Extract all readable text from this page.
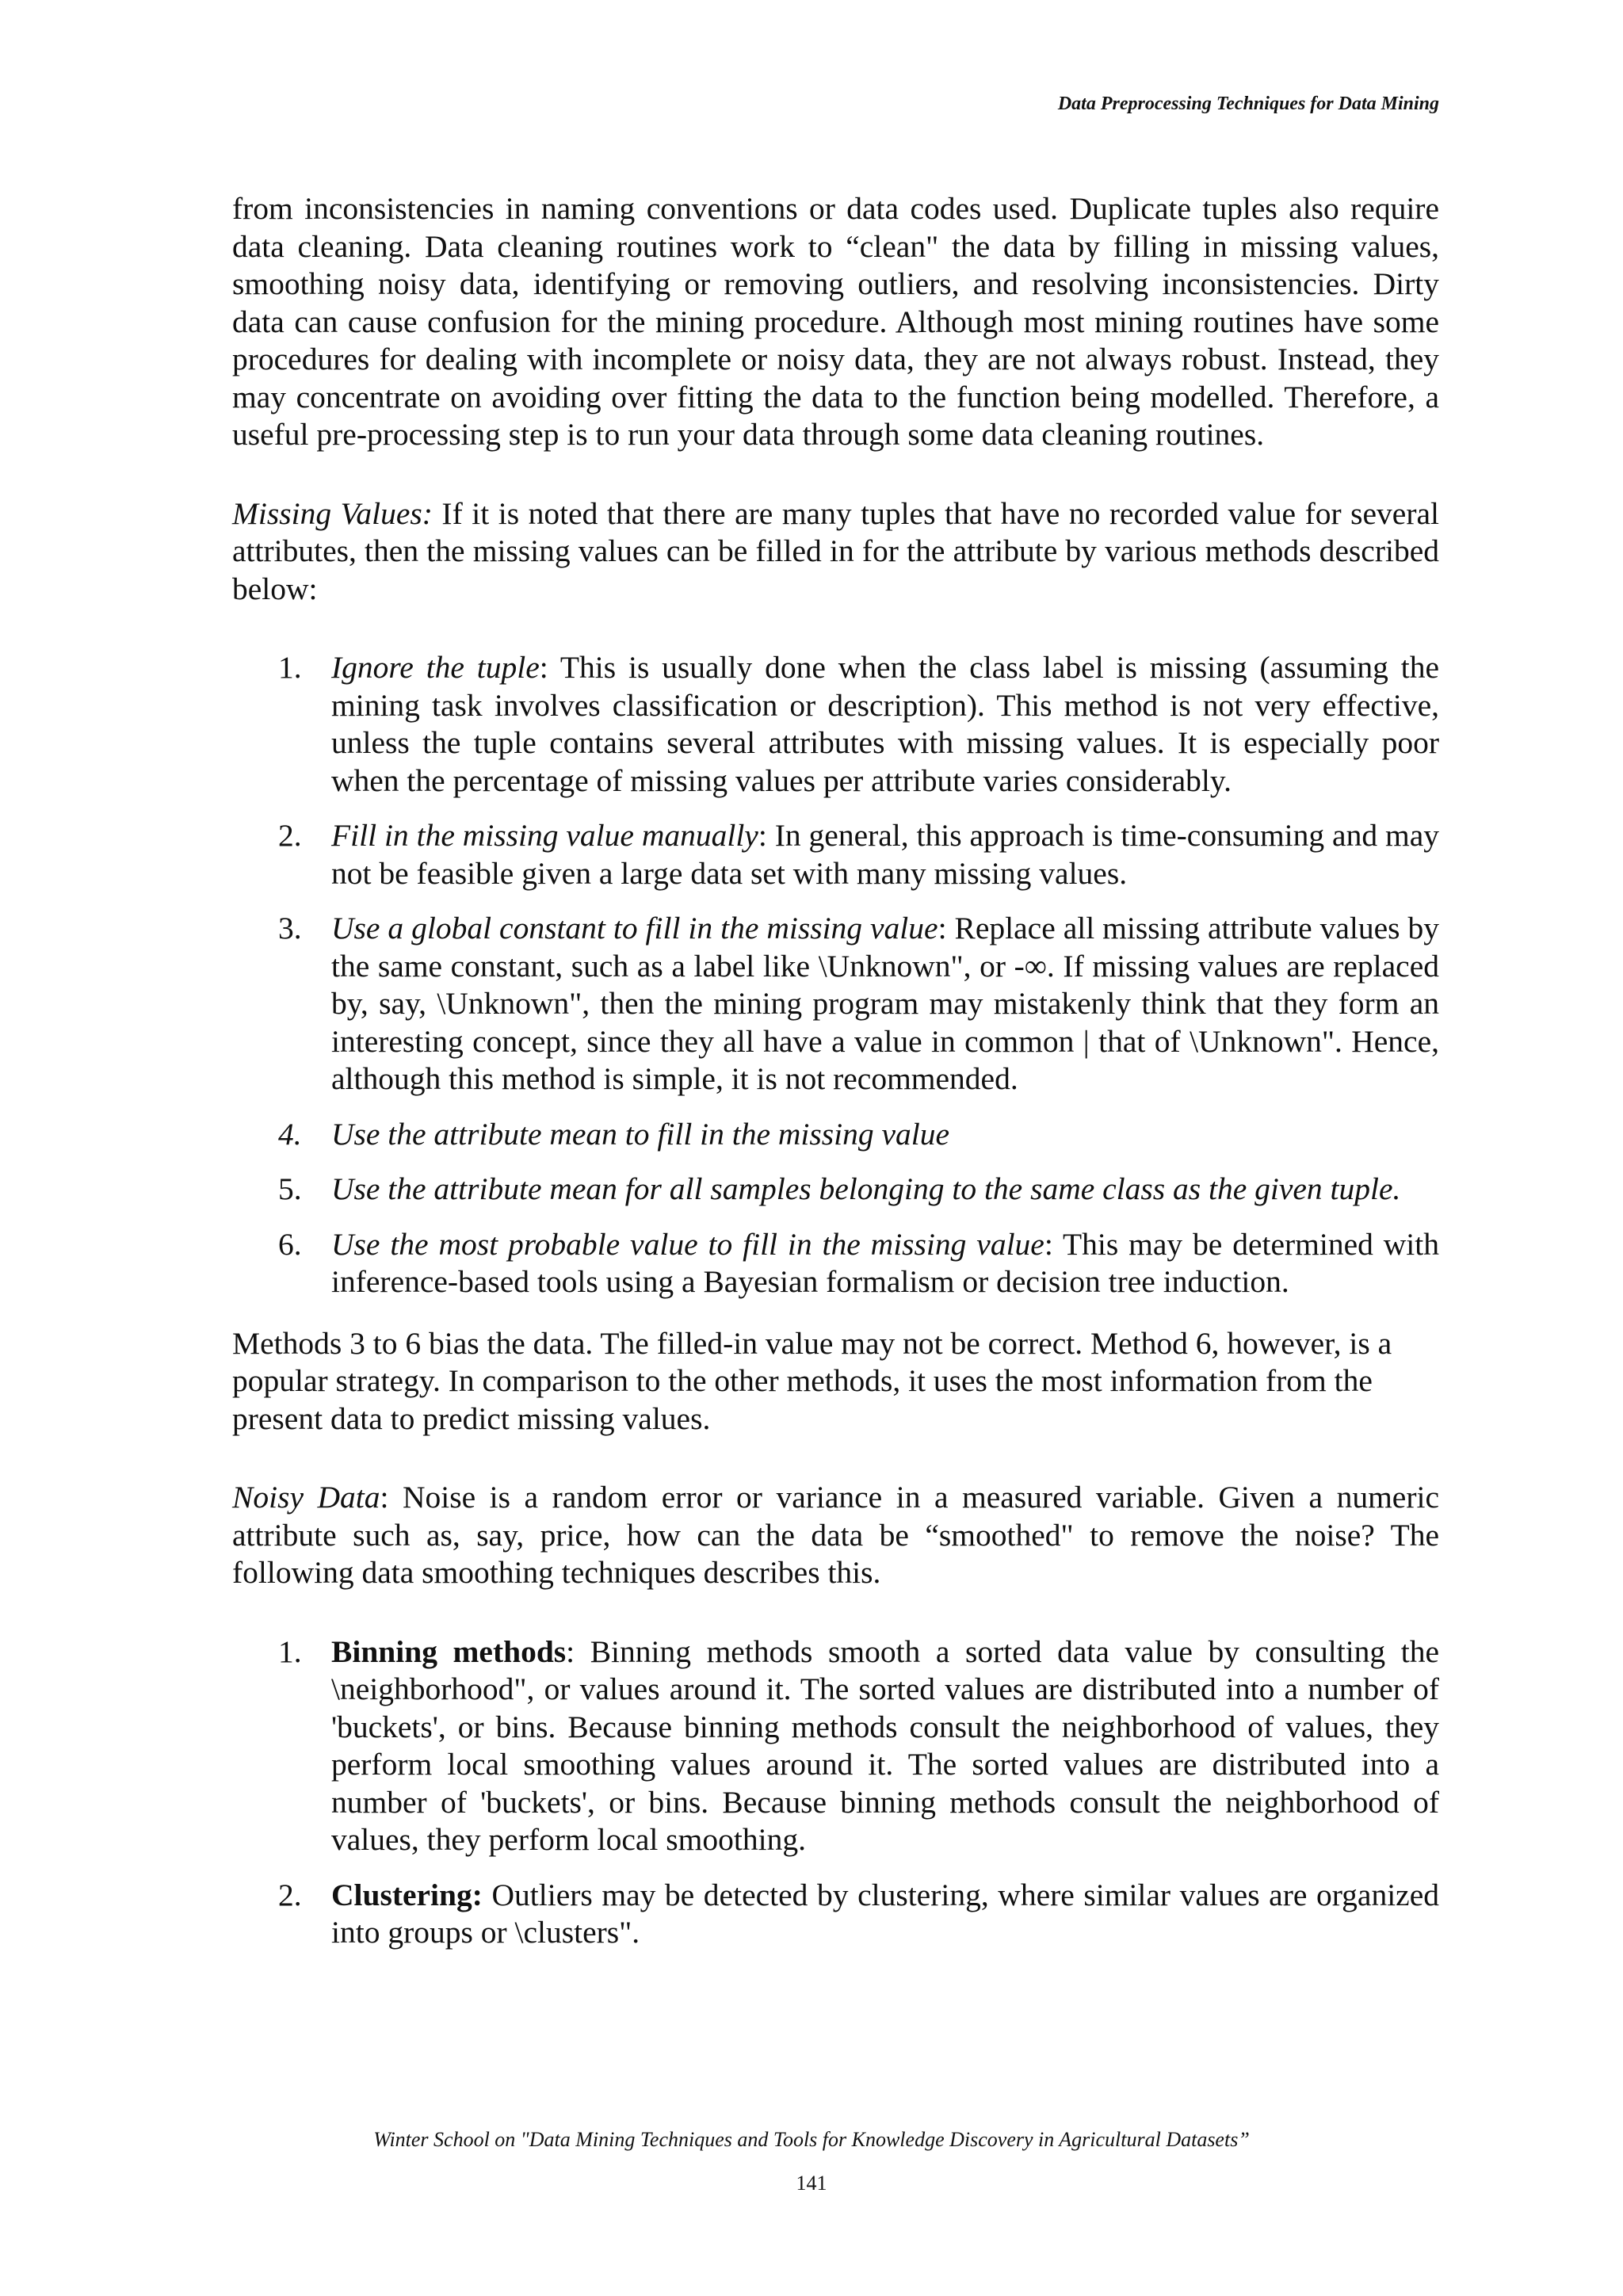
Data Preprocessing Techniques for Data Mining

from inconsistencies in naming conventions or data codes used. Duplicate tuples also require data cleaning. Data cleaning routines work to “clean" the data by filling in missing values, smoothing noisy data, identifying or removing outliers, and resolving inconsistencies. Dirty data can cause confusion for the mining procedure. Although most mining routines have some procedures for dealing with incomplete or noisy data, they are not always robust. Instead, they may concentrate on avoiding over fitting the data to the function being modelled. Therefore, a useful pre-processing step is to run your data through some data cleaning routines.

Missing Values: If it is noted that there are many tuples that have no recorded value for several attributes, then the missing values can be filled in for the attribute by various methods described below:

1. Ignore the tuple: This is usually done when the class label is missing (assuming the mining task involves classification or description). This method is not very effective, unless the tuple contains several attributes with missing values. It is especially poor when the percentage of missing values per attribute varies considerably.
2. Fill in the missing value manually: In general, this approach is time-consuming and may not be feasible given a large data set with many missing values.
3. Use a global constant to fill in the missing value: Replace all missing attribute values by the same constant, such as a label like \Unknown", or -∞. If missing values are replaced by, say, \Unknown", then the mining program may mistakenly think that they form an interesting concept, since they all have a value in common | that of \Unknown". Hence, although this method is simple, it is not recommended.
4. Use the attribute mean to fill in the missing value
5. Use the attribute mean for all samples belonging to the same class as the given tuple.
6. Use the most probable value to fill in the missing value: This may be determined with inference-based tools using a Bayesian formalism or decision tree induction.

Methods 3 to 6 bias the data. The filled-in value may not be correct. Method 6, however, is a popular strategy. In comparison to the other methods, it uses the most information from the present data to predict missing values.

Noisy Data: Noise is a random error or variance in a measured variable. Given a numeric attribute such as, say, price, how can the data be “smoothed" to remove the noise? The following data smoothing techniques describes this.

1. Binning methods: Binning methods smooth a sorted data value by consulting the \neighborhood", or values around it. The sorted values are distributed into a number of 'buckets', or bins. Because binning methods consult the neighborhood of values, they perform local smoothing values around it. The sorted values are distributed into a number of 'buckets', or bins. Because binning methods consult the neighborhood of values, they perform local smoothing.
2. Clustering: Outliers may be detected by clustering, where similar values are organized into groups or \clusters".
Winter School on "Data Mining Techniques and Tools for Knowledge Discovery in Agricultural Datasets”
141
